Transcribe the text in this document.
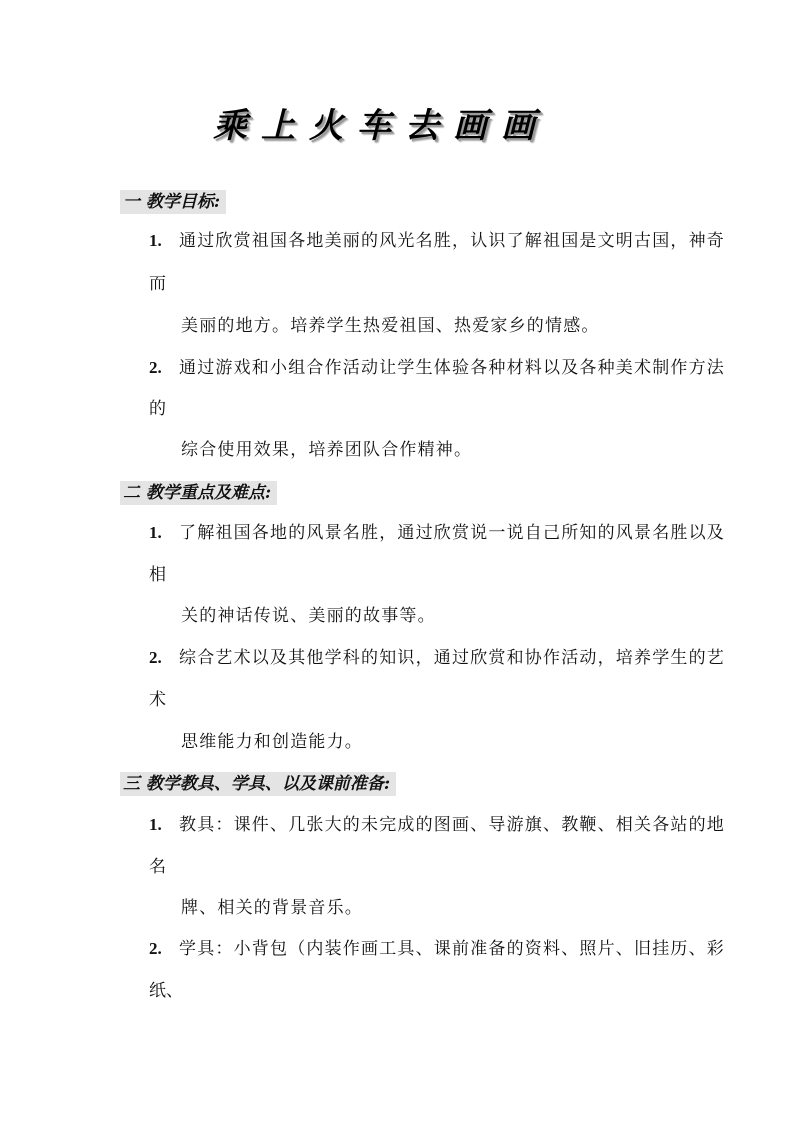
乘上火车去画画
一 教学目标:
1. 通过欣赏祖国各地美丽的风光名胜，认识了解祖国是文明古国，神奇
而
美丽的地方。培养学生热爱祖国、热爱家乡的情感。
2. 通过游戏和小组合作活动让学生体验各种材料以及各种美术制作方法
的
综合使用效果，培养团队合作精神。
二 教学重点及难点:
1. 了解祖国各地的风景名胜，通过欣赏说一说自己所知的风景名胜以及
相
关的神话传说、美丽的故事等。
2. 综合艺术以及其他学科的知识，通过欣赏和协作活动，培养学生的艺
术
思维能力和创造能力。
三 教学教具、学具、以及课前准备:
1. 教具：课件、几张大的未完成的图画、导游旗、教鞭、相关各站的地
名
牌、相关的背景音乐。
2. 学具：小背包（内装作画工具、课前准备的资料、照片、旧挂历、彩
纸、
